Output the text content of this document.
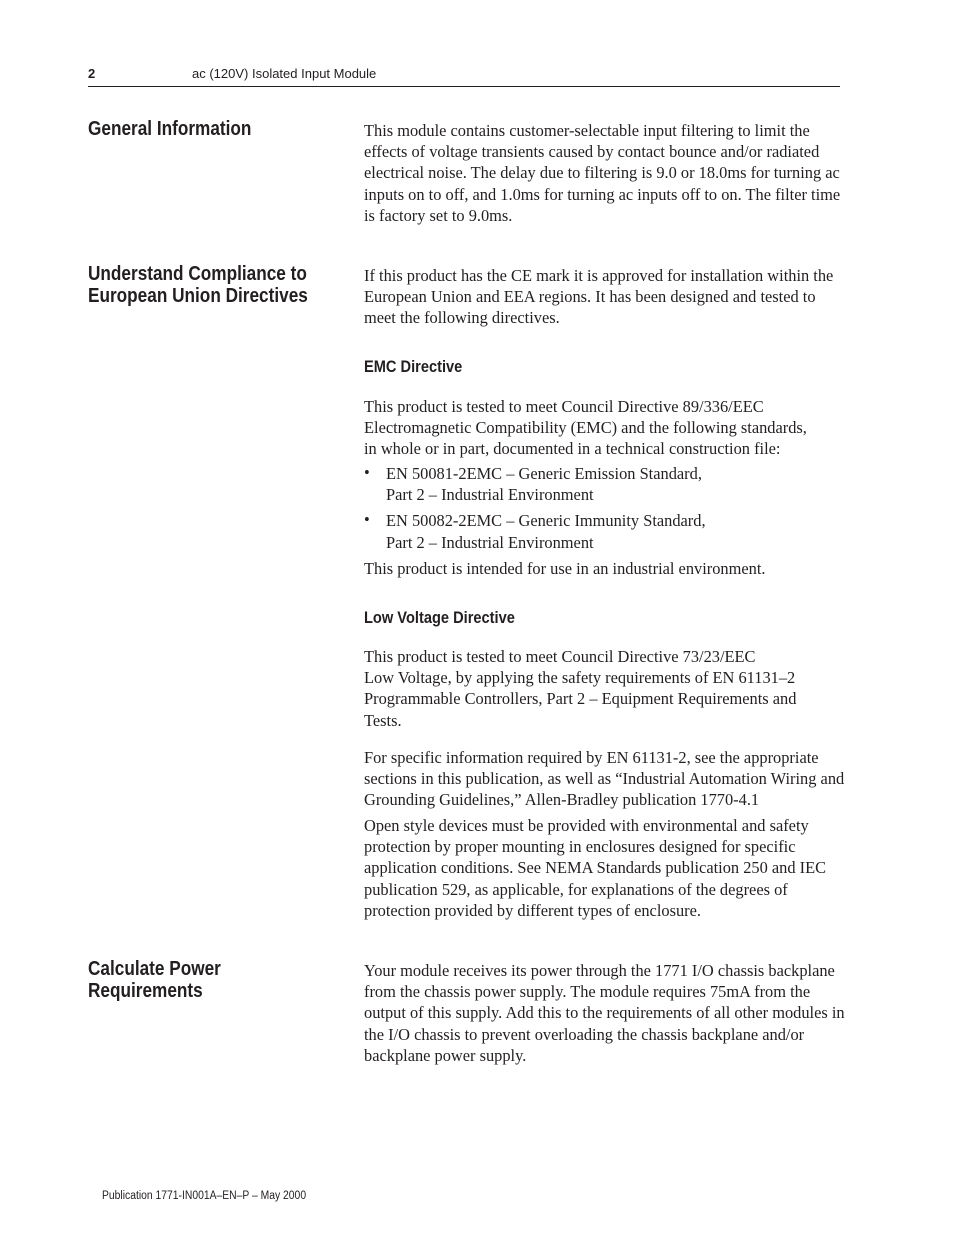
2	ac (120V) Isolated Input Module
General Information	This module contains customer-selectable input filtering to limit the effects of voltage transients caused by contact bounce and/or radiated electrical noise. The delay due to filtering is 9.0 or 18.0ms for turning ac inputs on to off, and 1.0ms for turning ac inputs off to on. The filter time is factory set to 9.0ms.

Understand Compliance to
European Union Directives

If this product has the CE mark it is approved for installation within the European Union and EEA regions. It has been designed and tested to meet the following directives.

EMC Directive
This product is tested to meet Council Directive 89/336/EEC
Electromagnetic Compatibility (EMC) and the following standards,
in whole or in part, documented in a technical construction file:
• EN 50081-2EMC – Generic Emission Standard,
Part 2 – Industrial Environment
• EN 50082-2EMC – Generic Immunity Standard,
Part 2 – Industrial Environment

This product is intended for use in an industrial environment.

Low Voltage Directive
This product is tested to meet Council Directive 73/23/EEC
Low Voltage, by applying the safety requirements of EN 61131–2
Programmable Controllers, Part 2 – Equipment Requirements and
Tests.

For specific information required by EN 61131-2, see the appropriate sections in this publication, as well as “Industrial Automation Wiring and Grounding Guidelines,” Allen-Bradley publication 1770-4.1

Open style devices must be provided with environmental and safety protection by proper mounting in enclosures designed for specific application conditions. See NEMA Standards publication 250 and IEC publication 529, as applicable, for explanations of the degrees of protection provided by different types of enclosure.

Calculate Power
Requirements

Your module receives its power through the 1771 I/O chassis backplane from the chassis power supply. The module requires 75mA from the output of this supply. Add this to the requirements of all other modules in the I/O chassis to prevent overloading the chassis backplane and/or backplane power supply.

Publication 1771-IN001A–EN–P – May 2000
